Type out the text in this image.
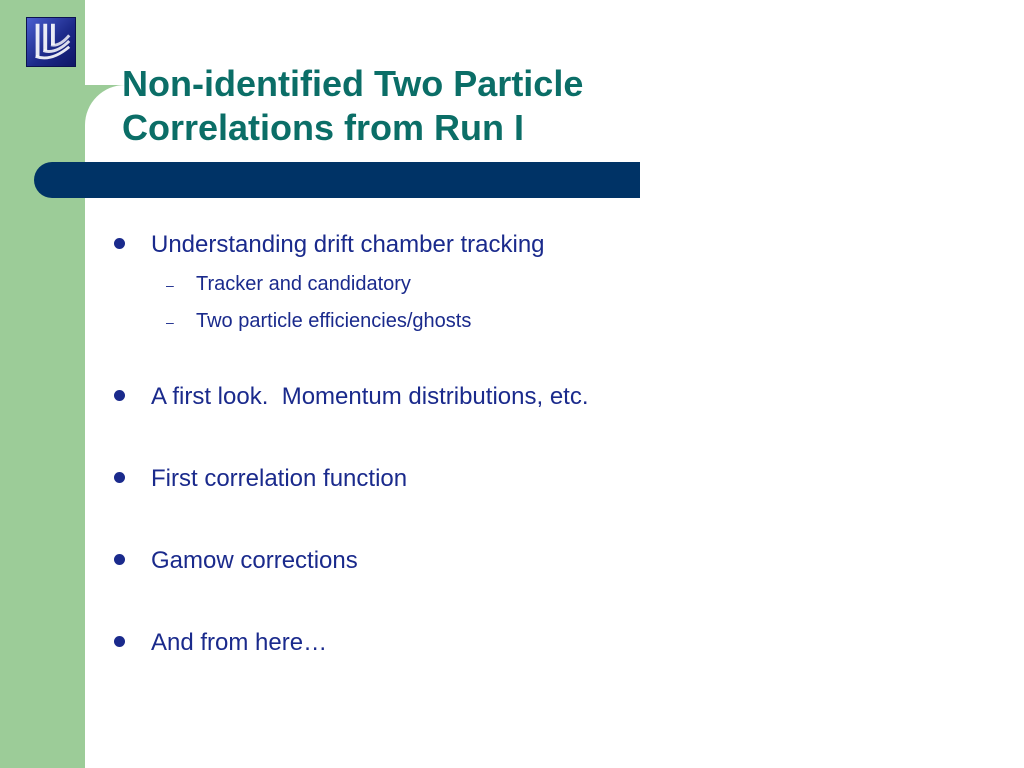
Non-identified Two Particle
Correlations from Run I
Understanding drift chamber tracking
–	Tracker and candidatory
–	Two particle efficiencies/ghosts
A first look.  Momentum distributions, etc.
First correlation function
Gamow corrections
And from here…
